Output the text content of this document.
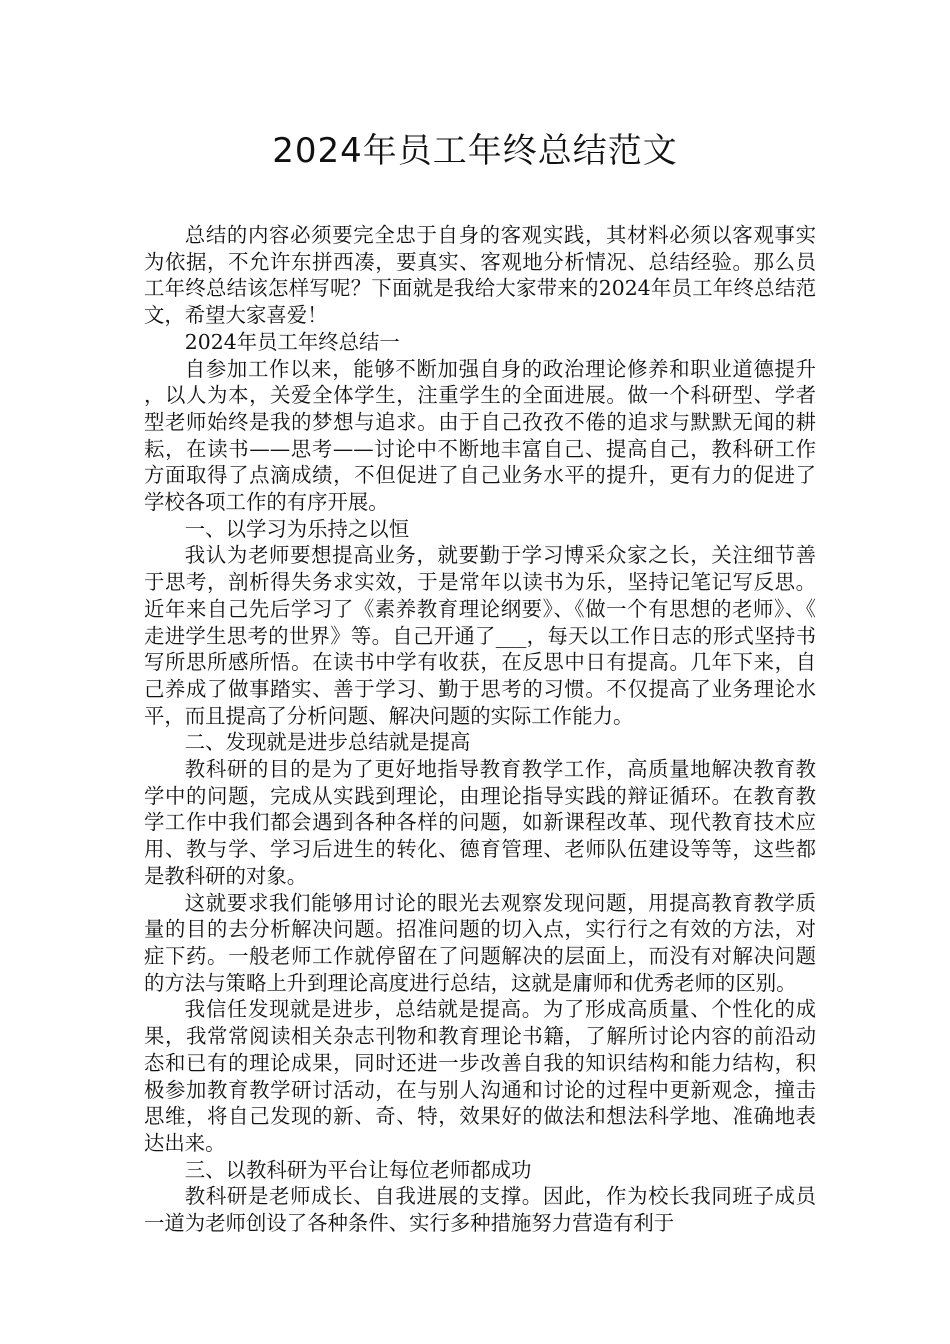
2024年员工年终总结范文

总结的内容必须要完全忠于自身的客观实践，其材料必须以客观事实为依据，不允许东拼西凑，要真实、客观地分析情况、总结经验。那么员工年终总结该怎样写呢？下面就是我给大家带来的2024年员工年终总结范文，希望大家喜爱！

2024年员工年终总结一

自参加工作以来，能够不断加强自身的政治理论修养和职业道德提升，以人为本，关爱全体学生，注重学生的全面进展。做一个科研型、学者型老师始终是我的梦想与追求。由于自己孜孜不倦的追求与默默无闻的耕耘，在读书——思考——讨论中不断地丰富自己、提高自己，教科研工作方面取得了点滴成绩，不但促进了自己业务水平的提升，更有力的促进了学校各项工作的有序开展。

一、以学习为乐持之以恒

我认为老师要想提高业务，就要勤于学习博采众家之长，关注细节善于思考，剖析得失务求实效，于是常年以读书为乐，坚持记笔记写反思。近年来自己先后学习了《素养教育理论纲要》、《做一个有思想的老师》、《走进学生思考的世界》等。自己开通了___，每天以工作日志的形式坚持书写所思所感所悟。在读书中学有收获，在反思中日有提高。几年下来，自己养成了做事踏实、善于学习、勤于思考的习惯。不仅提高了业务理论水平，而且提高了分析问题、解决问题的实际工作能力。

二、发现就是进步总结就是提高

教科研的目的是为了更好地指导教育教学工作，高质量地解决教育教学中的问题，完成从实践到理论，由理论指导实践的辩证循环。在教育教学工作中我们都会遇到各种各样的问题，如新课程改革、现代教育技术应用、教与学、学习后进生的转化、德育管理、老师队伍建设等等，这些都是教科研的对象。

这就要求我们能够用讨论的眼光去观察发现问题，用提高教育教学质量的目的去分析解决问题。招准问题的切入点，实行行之有效的方法，对症下药。一般老师工作就停留在了问题解决的层面上，而没有对解决问题的方法与策略上升到理论高度进行总结，这就是庸师和优秀老师的区别。

我信任发现就是进步，总结就是提高。为了形成高质量、个性化的成果，我常常阅读相关杂志刊物和教育理论书籍，了解所讨论内容的前沿动态和已有的理论成果，同时还进一步改善自我的知识结构和能力结构，积极参加教育教学研讨活动，在与别人沟通和讨论的过程中更新观念，撞击思维，将自己发现的新、奇、特，效果好的做法和想法科学地、准确地表达出来。

三、以教科研为平台让每位老师都成功

教科研是老师成长、自我进展的支撑。因此，作为校长我同班子成员一道为老师创设了各种条件、实行多种措施努力营造有利于
